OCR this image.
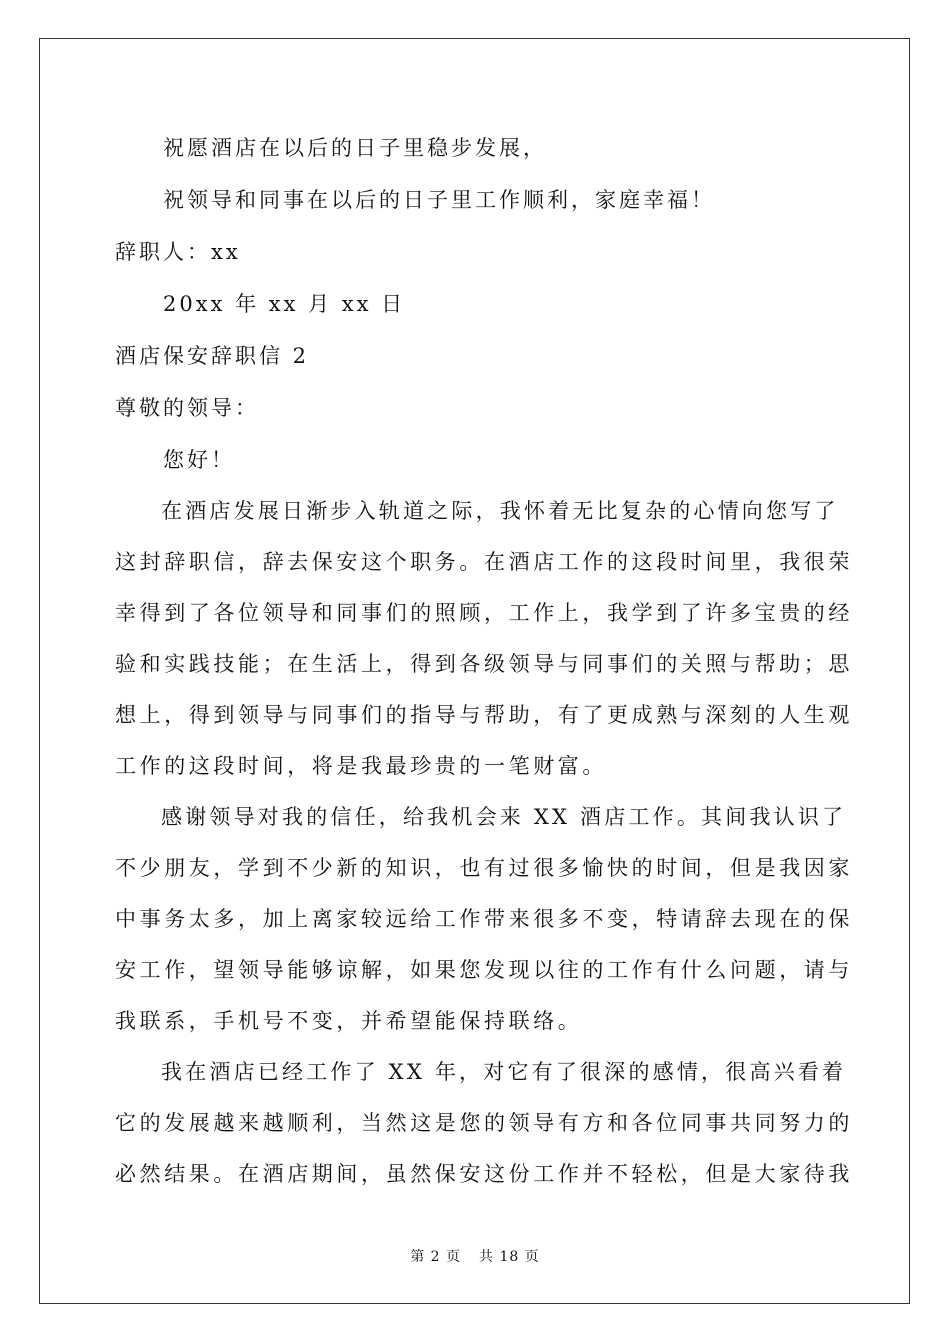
祝愿酒店在以后的日子里稳步发展，
祝领导和同事在以后的日子里工作顺利，家庭幸福！
辞职人：xx
20xx 年 xx 月 xx 日
酒店保安辞职信 2
尊敬的领导：
您好！
在酒店发展日渐步入轨道之际，我怀着无比复杂的心情向您写了
这封辞职信，辞去保安这个职务。在酒店工作的这段时间里，我很荣
幸得到了各位领导和同事们的照顾，工作上，我学到了许多宝贵的经
验和实践技能；在生活上，得到各级领导与同事们的关照与帮助；思
想上，得到领导与同事们的指导与帮助，有了更成熟与深刻的人生观
工作的这段时间，将是我最珍贵的一笔财富。
感谢领导对我的信任，给我机会来 XX 酒店工作。其间我认识了
不少朋友，学到不少新的知识，也有过很多愉快的时间，但是我因家
中事务太多，加上离家较远给工作带来很多不变，特请辞去现在的保
安工作，望领导能够谅解，如果您发现以往的工作有什么问题，请与
我联系，手机号不变，并希望能保持联络。
我在酒店已经工作了 XX 年，对它有了很深的感情，很高兴看着
它的发展越来越顺利，当然这是您的领导有方和各位同事共同努力的
必然结果。在酒店期间，虽然保安这份工作并不轻松，但是大家待我
第 2 页 共 18 页
